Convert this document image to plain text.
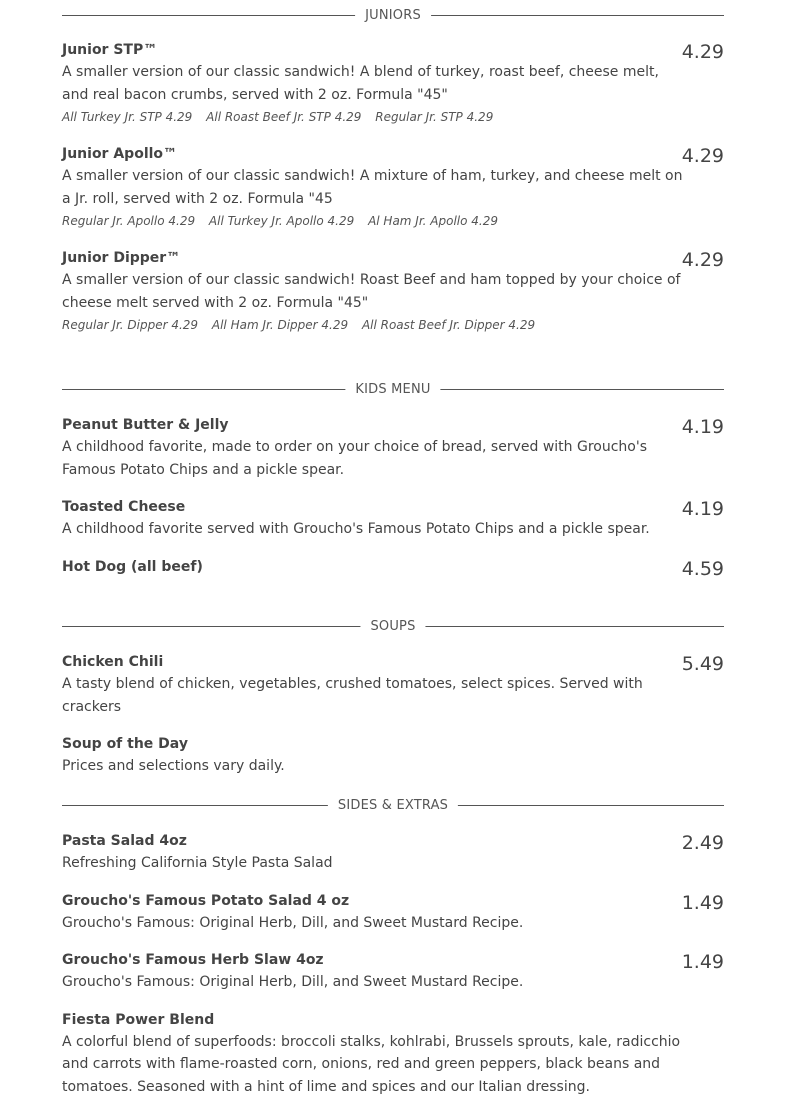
JUNIORS
Junior STP™	4.29
A smaller version of our classic sandwich! A blend of turkey, roast beef, cheese melt, and real bacon crumbs, served with 2 oz. Formula "45"
All Turkey Jr. STP 4.29 All Roast Beef Jr. STP 4.29 Regular Jr. STP 4.29
Junior Apollo™	4.29
A smaller version of our classic sandwich! A mixture of ham, turkey, and cheese melt on a Jr. roll, served with 2 oz. Formula "45
Regular Jr. Apollo 4.29 All Turkey Jr. Apollo 4.29 Al Ham Jr. Apollo 4.29
Junior Dipper™	4.29
A smaller version of our classic sandwich! Roast Beef and ham topped by your choice of cheese melt served with 2 oz. Formula "45"
Regular Jr. Dipper 4.29 All Ham Jr. Dipper 4.29 All Roast Beef Jr. Dipper 4.29
KIDS MENU
Peanut Butter & Jelly	4.19
A childhood favorite, made to order on your choice of bread, served with Groucho's Famous Potato Chips and a pickle spear.
Toasted Cheese	4.19
A childhood favorite served with Groucho's Famous Potato Chips and a pickle spear.
Hot Dog (all beef)	4.59
SOUPS
Chicken Chili	5.49
A tasty blend of chicken, vegetables, crushed tomatoes, select spices. Served with crackers
Soup of the Day
Prices and selections vary daily.
SIDES & EXTRAS
Pasta Salad 4oz	2.49
Refreshing California Style Pasta Salad
Groucho's Famous Potato Salad 4 oz	1.49
Groucho's Famous: Original Herb, Dill, and Sweet Mustard Recipe.
Groucho's Famous Herb Slaw 4oz	1.49
Groucho's Famous: Original Herb, Dill, and Sweet Mustard Recipe.
Fiesta Power Blend
A colorful blend of superfoods: broccoli stalks, kohlrabi, Brussels sprouts, kale, radicchio and carrots with flame-roasted corn, onions, red and green peppers, black beans and tomatoes. Seasoned with a hint of lime and spices and our Italian dressing.
